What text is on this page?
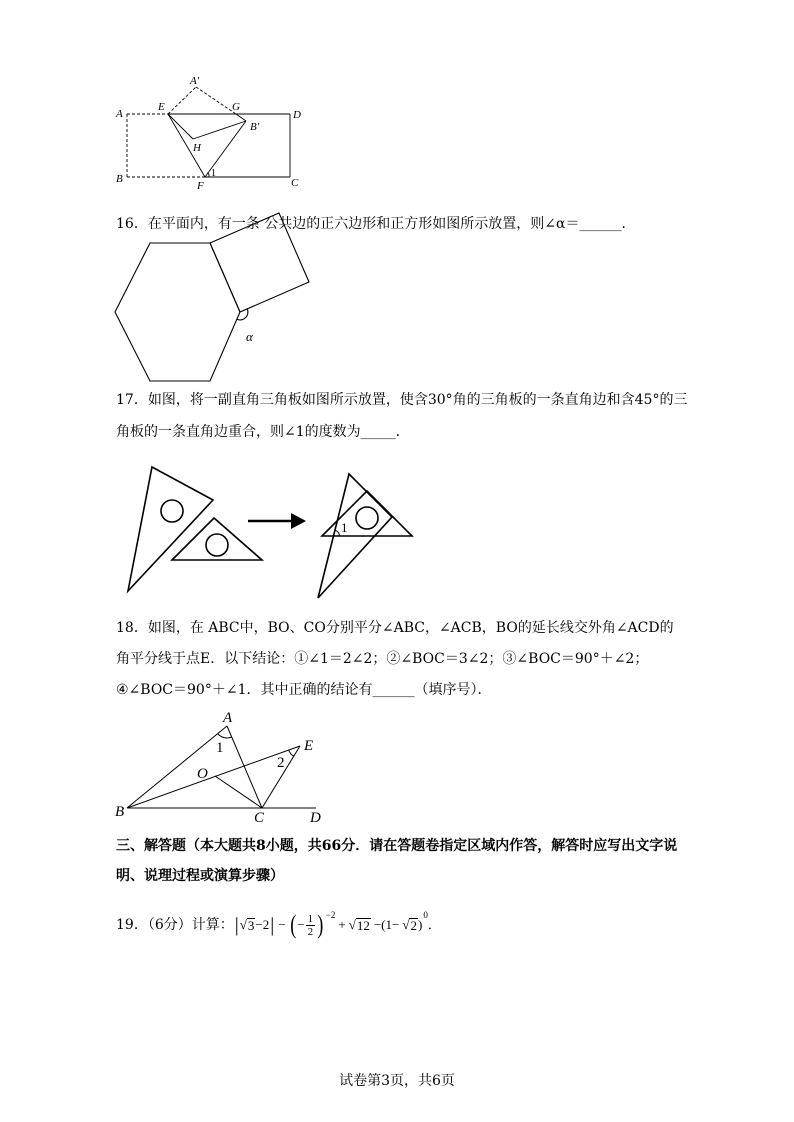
A
E
A′
G
D
B′
H
B
F
1
C
α
1
A
B	C	D
E
O
1
2
16．在平面内，有一条 公共边的正六边形和正方形如图所示放置，则∠α＝______．
17．如图，将一副直角三角板如图所示放置，使含30°角的三角板的一条直角边和含45°的三
角板的一条直角边重合，则∠1的度数为_____．
18．如图，在 ABC中，BO、CO分别平分∠ABC，∠ACB，BO的延长线交外角∠ACD的
角平分线于点E．以下结论：①∠1＝2∠2；②∠BOC＝3∠2；③∠BOC＝90°＋∠2；
④∠BOC＝90°＋∠1．其中正确的结论有______（填序号）．
三、解答题（本大题共8小题，共66分．请在答题卷指定区域内作答，解答时应写出文字说
明、说理过程或演算步骤）
19．（6分）计算： | √ 3 −2 | − ( − $\frac{1}{2}$ ) −2
+ √ 12 −(1− √ 2 )
0
．
试卷第3页，共6页
